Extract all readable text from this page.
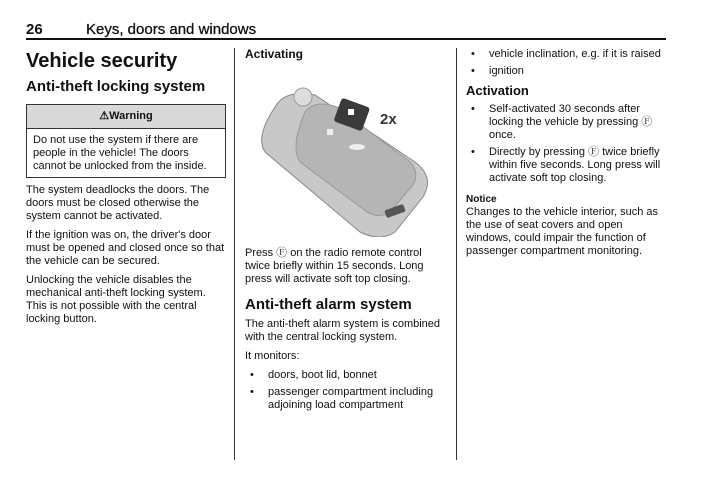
26	Keys, doors and windows
Vehicle security
Anti-theft locking system
⚠Warning
Do not use the system if there are people in the vehicle! The doors cannot be unlocked from the inside.

The system deadlocks the doors. The doors must be closed otherwise the system cannot be activated.

If the ignition was on, the driver's door must be opened and closed once so that the vehicle can be secured.

Unlocking the vehicle disables the mechanical anti-theft locking system. This is not possible with the central locking button.

Activating
2x

Press Ⓕ on the radio remote control twice briefly within 15 seconds. Long press will activate soft top closing.

Anti-theft alarm system

The anti-theft alarm system is combined with the central locking system.

It monitors:

• doors, boot lid, bonnet
• passenger compartment including adjoining load compartment
• vehicle inclination, e.g. if it is raised
• ignition
Activation
• Self-activated 30 seconds after locking the vehicle by pressing Ⓕ once.
• Directly by pressing Ⓕ twice briefly within five seconds. Long press will activate soft top closing.
Notice

Changes to the vehicle interior, such as the use of seat covers and open windows, could impair the function of passenger compartment monitoring.
